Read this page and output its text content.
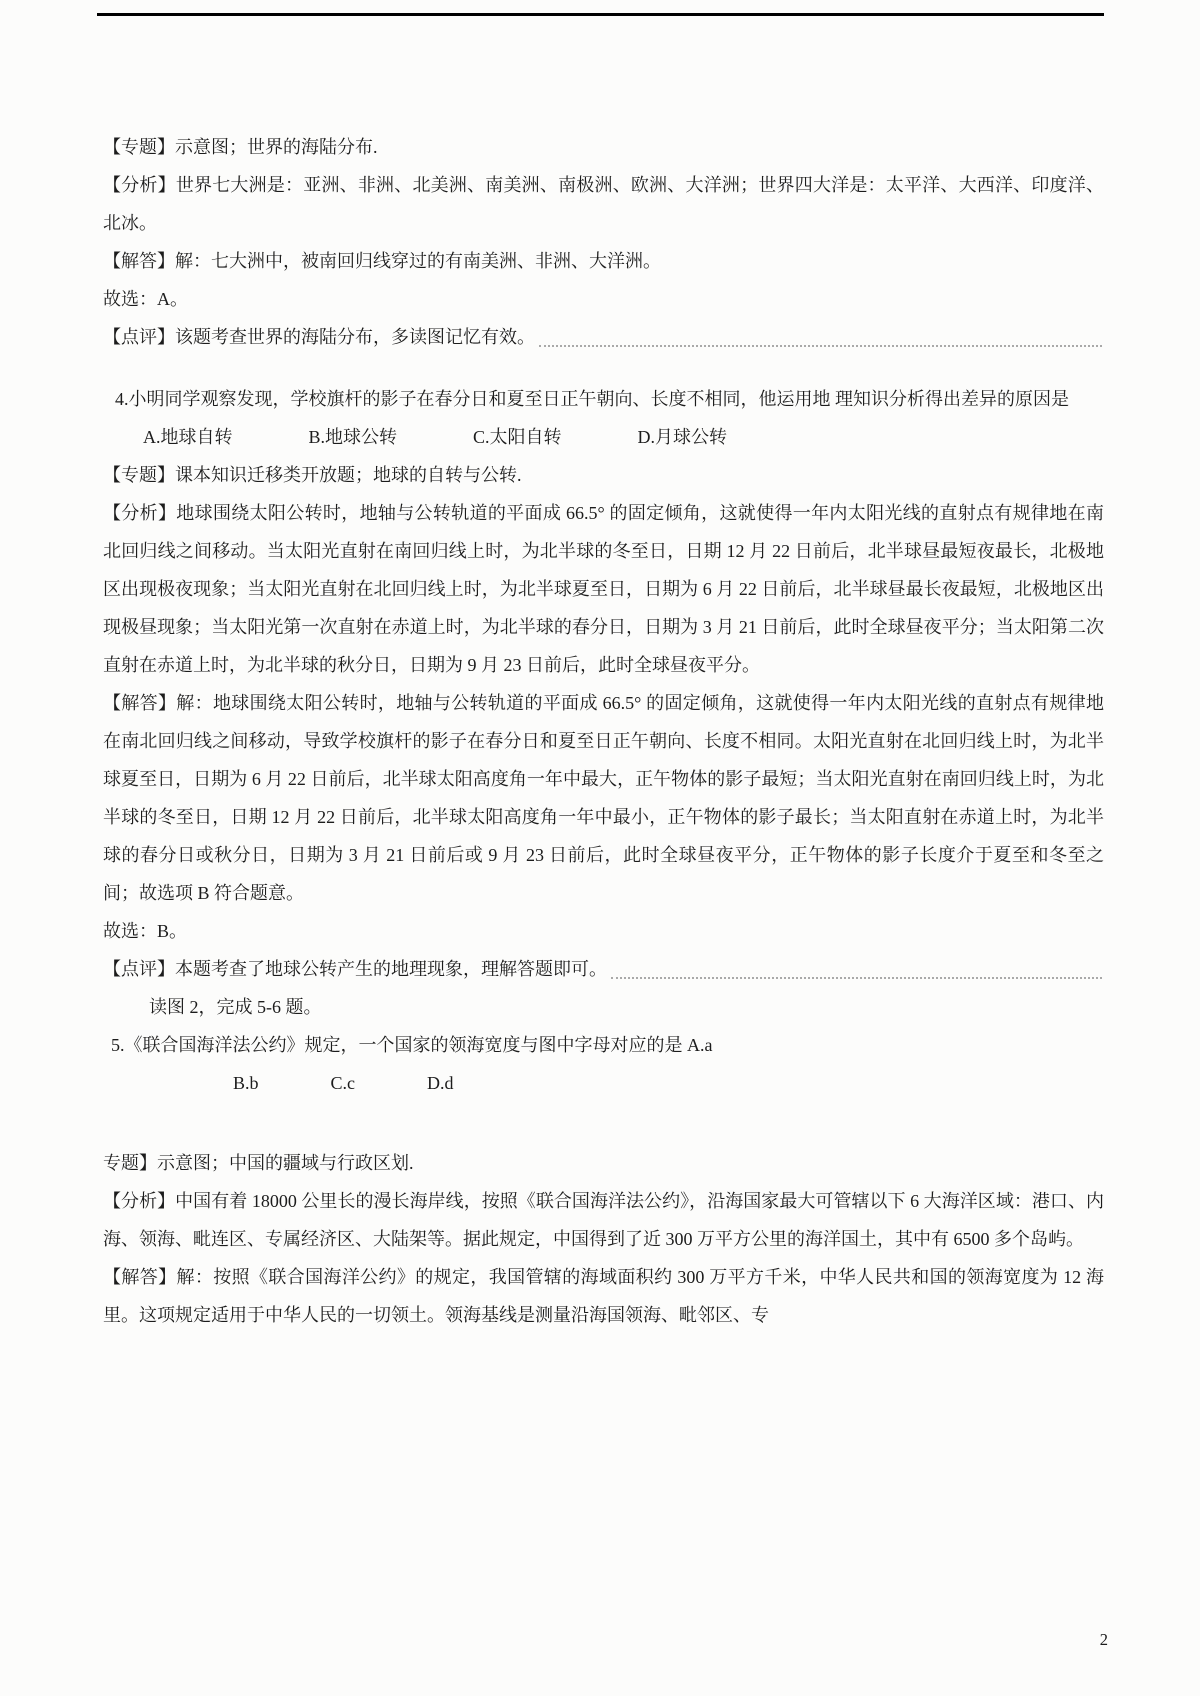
【专题】示意图；世界的海陆分布.
【分析】世界七大洲是：亚洲、非洲、北美洲、南美洲、南极洲、欧洲、大洋洲；世界四大洋是：太平洋、大西洋、印度洋、北冰。
【解答】解：七大洲中，被南回归线穿过的有南美洲、非洲、大洋洲。
故选：A。
【点评】该题考查世界的海陆分布，多读图记忆有效。
4.小明同学观察发现，学校旗杆的影子在春分日和夏至日正午朝向、长度不相同，他运用地 理知识分析得出差异的原因是
A.地球自转	B.地球公转	C.太阳自转	D.月球公转
【专题】课本知识迁移类开放题；地球的自转与公转.
【分析】地球围绕太阳公转时，地轴与公转轨道的平面成 66.5° 的固定倾角，这就使得一年内太阳光线的直射点有规律地在南北回归线之间移动。当太阳光直射在南回归线上时，为北半球的冬至日，日期 12 月 22 日前后，北半球昼最短夜最长，北极地区出现极夜现象；当太阳光直射在北回归线上时，为北半球夏至日，日期为 6 月 22 日前后，北半球昼最长夜最短，北极地区出现极昼现象；当太阳光第一次直射在赤道上时，为北半球的春分日，日期为 3 月 21 日前后，此时全球昼夜平分；当太阳第二次直射在赤道上时，为北半球的秋分日，日期为 9 月 23 日前后，此时全球昼夜平分。
【解答】解：地球围绕太阳公转时，地轴与公转轨道的平面成 66.5° 的固定倾角，这就使得一年内太阳光线的直射点有规律地在南北回归线之间移动，导致学校旗杆的影子在春分日和夏至日正午朝向、长度不相同。太阳光直射在北回归线上时，为北半球夏至日，日期为 6 月 22 日前后，北半球太阳高度角一年中最大，正午物体的影子最短；当太阳光直射在南回归线上时，为北半球的冬至日，日期 12 月 22 日前后，北半球太阳高度角一年中最小，正午物体的影子最长；当太阳直射在赤道上时，为北半球的春分日或秋分日，日期为 3 月 21 日前后或 9 月 23 日前后，此时全球昼夜平分，正午物体的影子长度介于夏至和冬至之间；故选项 B 符合题意。
故选：B。
【点评】本题考查了地球公转产生的地理现象，理解答题即可。
读图 2，完成 5-6 题。
5.《联合国海洋法公约》规定，一个国家的领海宽度与图中字母对应的是 A.a
B.b	C.c	D.d
专题】示意图；中国的疆域与行政区划.
【分析】中国有着 18000 公里长的漫长海岸线，按照《联合国海洋法公约》，沿海国家最大可管辖以下 6 大海洋区域：港口、内海、领海、毗连区、专属经济区、大陆架等。据此规定，中国得到了近 300 万平方公里的海洋国土，其中有 6500 多个岛屿。
【解答】解：按照《联合国海洋公约》的规定，我国管辖的海域面积约 300 万平方千米，中华人民共和国的领海宽度为 12 海里。这项规定适用于中华人民的一切领土。领海基线是测量沿海国领海、毗邻区、专
2
